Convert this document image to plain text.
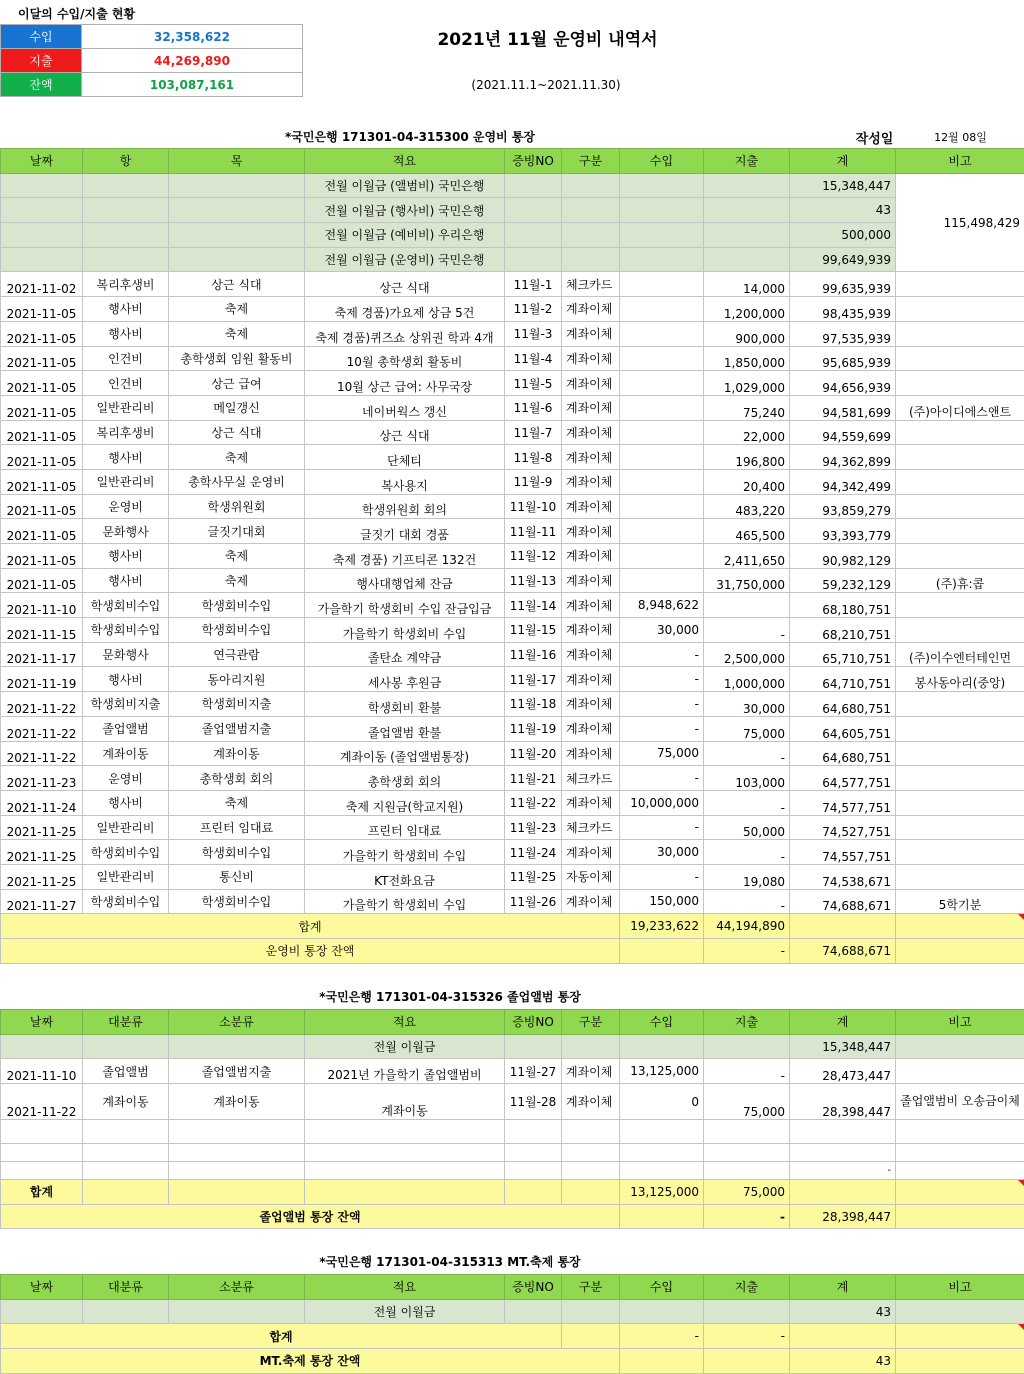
이달의 수입/지출 현황
수입	32,358,622
지출	44,269,890
잔액	103,087,161
2021년 11월 운영비 내역서
(2021.11.1~2021.11.30)
*국민은행 171301-04-315300 운영비 통장	작성일	12월 08일
날짜	항	목	적요	증빙NO	구분	수입	지출	계	비고
			전월 이월금 (앨범비) 국민은행					15,348,447	115,498,429
			전월 이월금 (행사비) 국민은행					43	
			전월 이월금 (예비비) 우리은행					500,000	
			전월 이월금 (운영비) 국민은행					99,649,939	
2021-11-02	복리후생비	상근 식대	상근 식대	11월-1	체크카드		14,000	99,635,939	
2021-11-05	행사비	축제	축제 경품)가요제 상금 5건	11월-2	계좌이체		1,200,000	98,435,939	
2021-11-05	행사비	축제	축제 경품)퀴즈쇼 상위권 학과 4개	11월-3	계좌이체		900,000	97,535,939	
2021-11-05	인건비	총학생회 임원 활동비	10월 총학생회 활동비	11월-4	계좌이체		1,850,000	95,685,939	
2021-11-05	인건비	상근 급여	10월 상근 급여: 사무국장	11월-5	계좌이체		1,029,000	94,656,939	
2021-11-05	일반관리비	메일갱신	네이버웍스 갱신	11월-6	계좌이체		75,240	94,581,699	(주)아이디에스앤트
2021-11-05	복리후생비	상근 식대	상근 식대	11월-7	계좌이체		22,000	94,559,699	
2021-11-05	행사비	축제	단체티	11월-8	계좌이체		196,800	94,362,899	
2021-11-05	일반관리비	총학사무실 운영비	복사용지	11월-9	계좌이체		20,400	94,342,499	
2021-11-05	운영비	학생위원회	학생위원회 회의	11월-10	계좌이체		483,220	93,859,279	
2021-11-05	문화행사	글짓기대회	글짓기 대회 경품	11월-11	계좌이체		465,500	93,393,779	
2021-11-05	행사비	축제	축제 경품) 기프티콘 132건	11월-12	계좌이체		2,411,650	90,982,129	
2021-11-05	행사비	축제	행사대행업체 잔금	11월-13	계좌이체		31,750,000	59,232,129	(주)휴:콥
2021-11-10	학생회비수입	학생회비수입	가을학기 학생회비 수입 잔금입금	11월-14	계좌이체	8,948,622		68,180,751	
2021-11-15	학생회비수입	학생회비수입	가을학기 학생회비 수입	11월-15	계좌이체	30,000	-	68,210,751	
2021-11-17	문화행사	연극관람	졸탄쇼 계약금	11월-16	계좌이체	-	2,500,000	65,710,751	(주)이수엔터테인먼
2021-11-19	행사비	동아리지원	세사봉 후원금	11월-17	계좌이체	-	1,000,000	64,710,751	봉사동아리(중앙)
2021-11-22	학생회비지출	학생회비지출	학생회비 환불	11월-18	계좌이체	-	30,000	64,680,751	
2021-11-22	졸업앨범	졸업앨범지출	졸업앨범 환불	11월-19	계좌이체	-	75,000	64,605,751	
2021-11-22	계좌이동	계좌이동	계좌이동 (졸업앨범통장)	11월-20	계좌이체	75,000	-	64,680,751	
2021-11-23	운영비	총학생회 회의	총학생회 회의	11월-21	체크카드	-	103,000	64,577,751	
2021-11-24	행사비	축제	축제 지원금(학교지원)	11월-22	계좌이체	10,000,000	-	74,577,751	
2021-11-25	일반관리비	프린터 임대료	프린터 임대료	11월-23	체크카드	-	50,000	74,527,751	
2021-11-25	학생회비수입	학생회비수입	가을학기 학생회비 수입	11월-24	계좌이체	30,000	-	74,557,751	
2021-11-25	일반관리비	통신비	KT전화요금	11월-25	자동이체	-	19,080	74,538,671	
2021-11-27	학생회비수입	학생회비수입	가을학기 학생회비 수입	11월-26	계좌이체	150,000	-	74,688,671	5학기분
합계						19,233,622	44,194,890		
운영비 통장 잔액							-	74,688,671	
*국민은행 171301-04-315326 졸업앨범 통장
날짜	대분류	소분류	적요	증빙NO	구분	수입	지출	계	비고
			전월 이월금					15,348,447	
2021-11-10	졸업앨범	졸업앨범지출	2021년 가을학기 졸업앨범비	11월-27	계좌이체	13,125,000	-	28,473,447	
2021-11-22	계좌이동	계좌이동	계좌이동	11월-28	계좌이체	0	75,000	28,398,447	졸업앨범비 오송금이체

								-	
합계						13,125,000	75,000		
졸업앨범 통장 잔액							-	28,398,447	
*국민은행 171301-04-315313 MT.축제 통장
날짜	대분류	소분류	적요	증빙NO	구분	수입	지출	계	비고
			전월 이월금					43	
합계						-	-		
MT.축제 통장 잔액								43	
